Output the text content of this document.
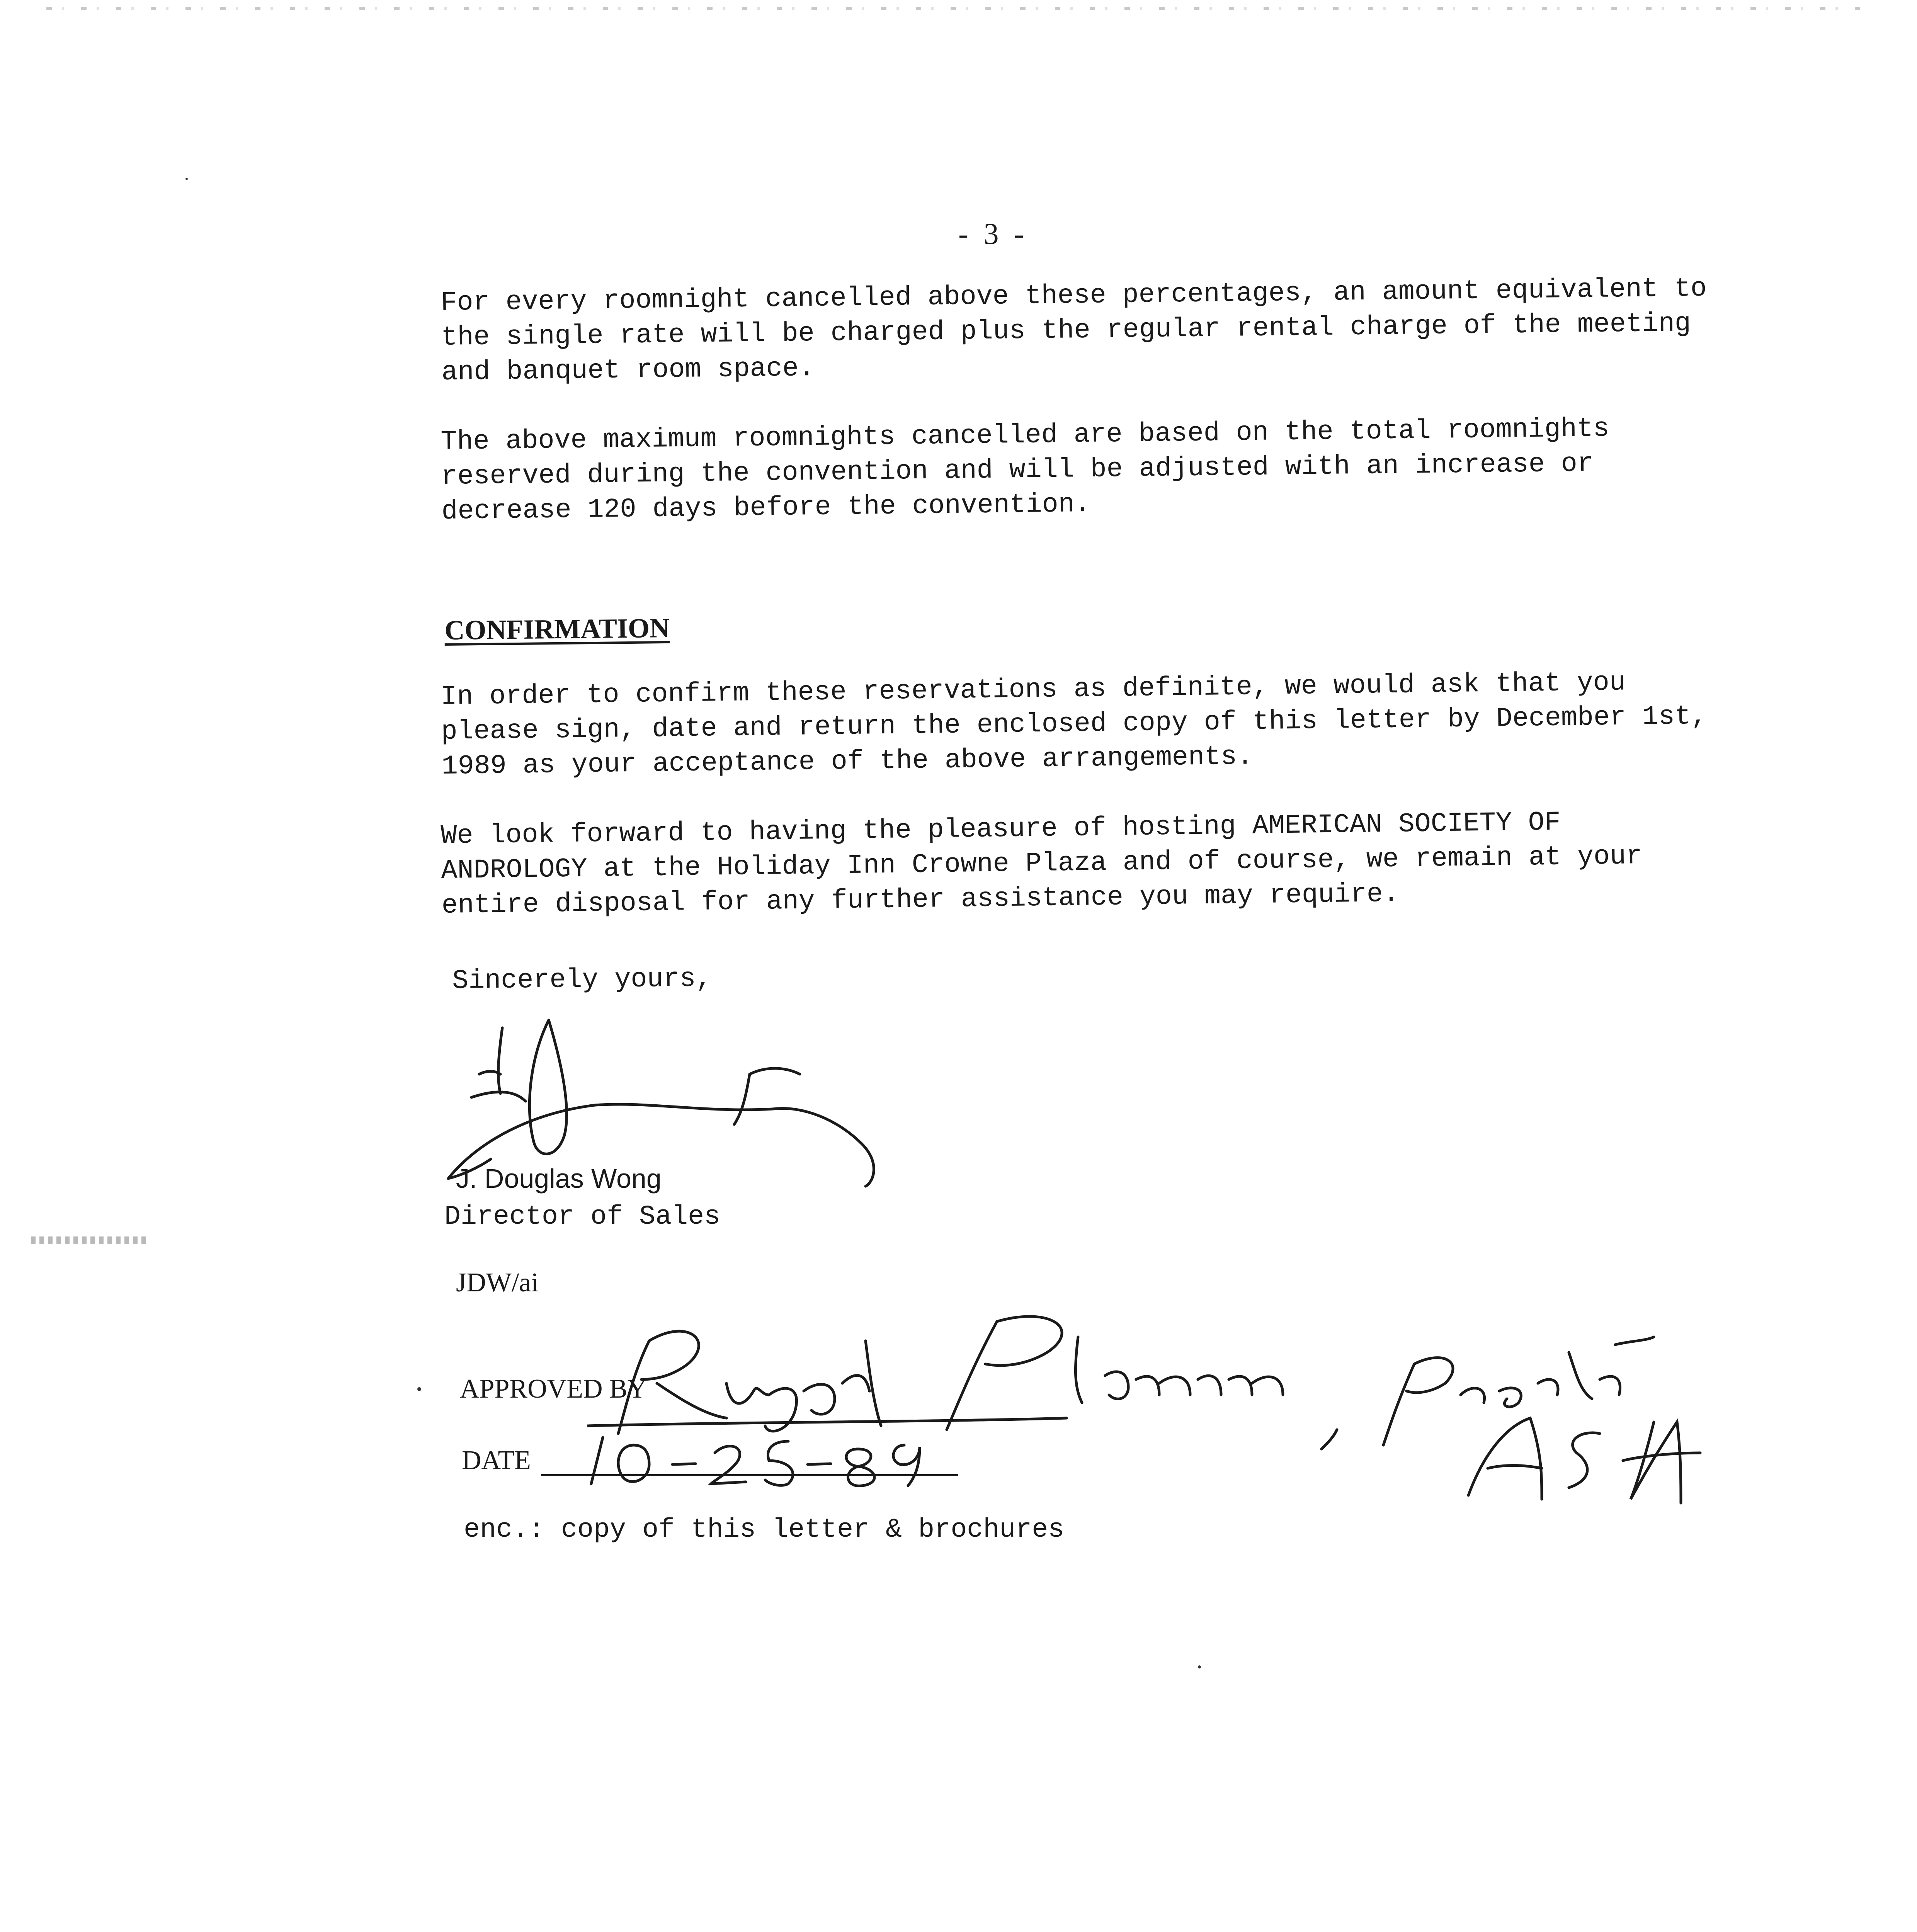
- 3 -
For every roomnight cancelled above these percentages, an amount equivalent to the single rate will be charged plus the regular rental charge of the meeting and banquet room space.
The above maximum roomnights cancelled are based on the total roomnights reserved during the convention and will be adjusted with an increase or decrease 120 days before the convention.
CONFIRMATION
In order to confirm these reservations as definite, we would ask that you please sign, date and return the enclosed copy of this letter by December 1st, 1989 as your acceptance of the above arrangements.
We look forward to having the pleasure of hosting AMERICAN SOCIETY OF ANDROLOGY at the Holiday Inn Crowne Plaza and of course, we remain at your entire disposal for any further assistance you may require.
Sincerely yours,
J. Douglas Wong
Director of Sales
JDW/ai
APPROVED BY
DATE
enc.: copy of this letter & brochures
